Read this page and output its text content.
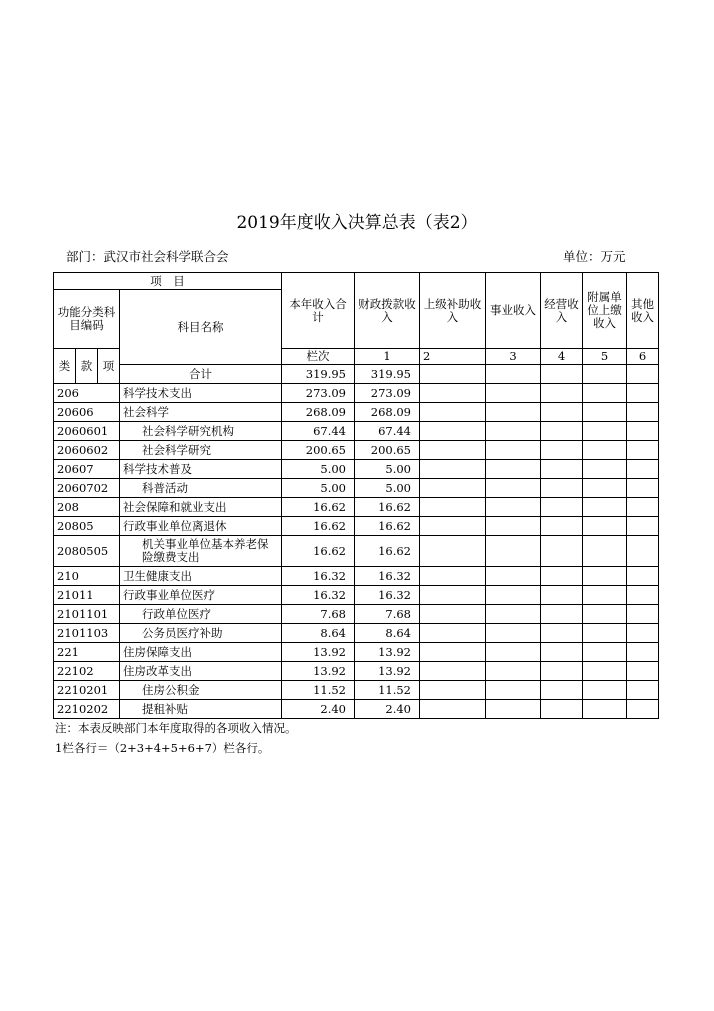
2019年度收入决算总表（表2）
部门：武汉市社会科学联合会	单位：万元
项　目				本年收入合计	财政拨款收入	上级补助收入	事业收入	经营收入	附属单位上缴收入	其他收入	
功能分类科目编码			科目名称								
类	款	项		栏次	1	2	3	4	5	6	
			合计	319.95	319.95						
206			科学技术支出	273.09	273.09						
20606			社会科学	268.09	268.09						
2060601			社会科学研究机构	67.44	67.44						
2060602			社会科学研究	200.65	200.65						
20607			科学技术普及	5.00	5.00						
2060702			科普活动	5.00	5.00						
208			社会保障和就业支出	16.62	16.62						
20805			行政事业单位离退休	16.62	16.62						
2080505			机关事业单位基本养老保险缴费支出	16.62	16.62						
210			卫生健康支出	16.32	16.32						
21011			行政事业单位医疗	16.32	16.32						
2101101			行政单位医疗	7.68	7.68						
2101103			公务员医疗补助	8.64	8.64						
221			住房保障支出	13.92	13.92						
22102			住房改革支出	13.92	13.92						
2210201			住房公积金	11.52	11.52						
2210202			提租补贴	2.40	2.40						
注：本表反映部门本年度取得的各项收入情况。
1栏各行＝（2+3+4+5+6+7）栏各行。
